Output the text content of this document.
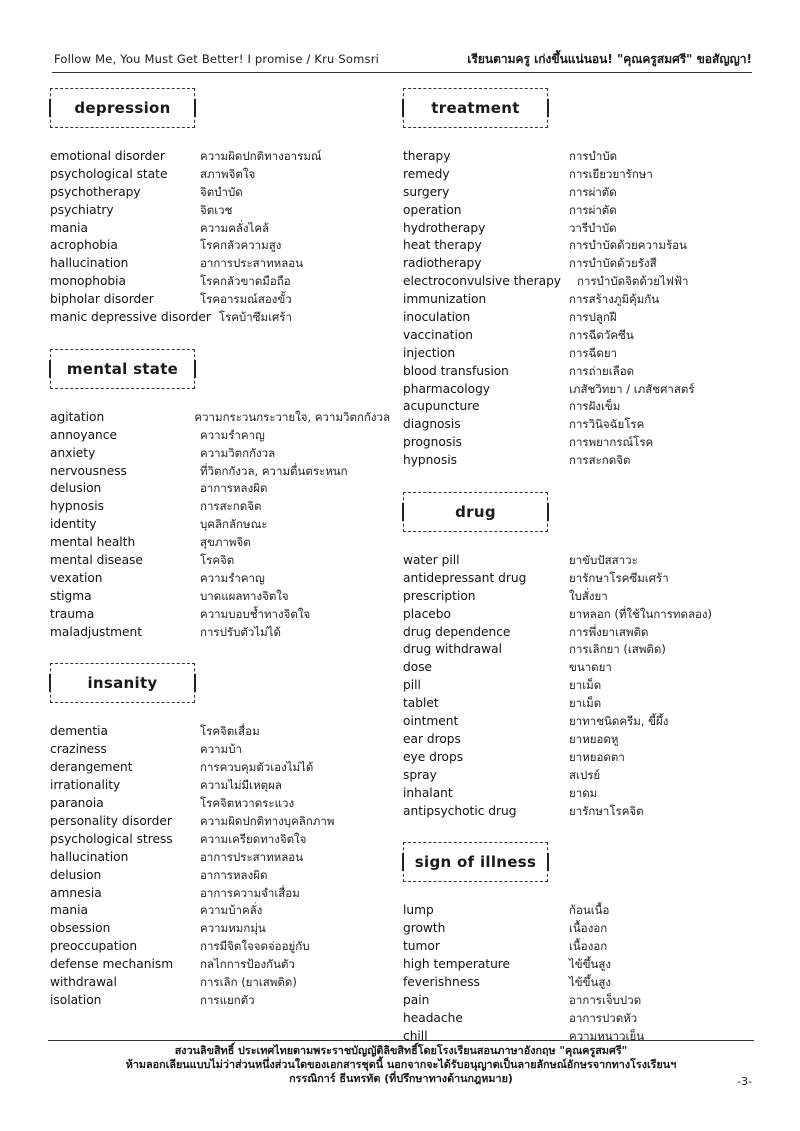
Follow Me, You Must Get Better! I promise / Kru Somsri	เรียนตามครู เก่งขึ้นแน่นอน! "คุณครูสมศรี" ขอสัญญา!
depression
emotional disorder	ความผิดปกติทางอารมณ์
psychological state	สภาพจิตใจ
psychotherapy	จิตบำบัด
psychiatry	จิตเวช
mania	ความคลั่งไคล้
acrophobia	โรคกลัวความสูง
hallucination	อาการประสาทหลอน
monophobia	โรคกลัวขาดมือถือ
bipholar disorder	โรคอารมณ์สองขั้ว
manic depressive disorder โรคบ้าซึมเศร้า
mental state
agitation	ความกระวนกระวายใจ, ความวิตกกังวล
annoyance	ความรำคาญ
anxiety	ความวิตกกังวล
nervousness	ที่วิตกกังวล, ความตื่นตระหนก
delusion	อาการหลงผิด
hypnosis	การสะกดจิต
identity	บุคลิกลักษณะ
mental health	สุขภาพจิต
mental disease	โรคจิต
vexation	ความรำคาญ
stigma	บาดแผลทางจิตใจ
trauma	ความบอบช้ำทางจิตใจ
maladjustment	การปรับตัวไม่ได้
insanity
dementia	โรคจิตเสื่อม
craziness	ความบ้า
derangement	การควบคุมตัวเองไม่ได้
irrationality	ความไม่มีเหตุผล
paranoia	โรคจิตหวาดระแวง
personality disorder	ความผิดปกติทางบุคลิกภาพ
psychological stress	ความเครียดทางจิตใจ
hallucination	อาการประสาทหลอน
delusion	อาการหลงผิด
amnesia	อาการความจำเสื่อม
mania	ความบ้าคลั่ง
obsession	ความหมกมุ่น
preoccupation	การมีจิตใจจดจ่ออยู่กับ
defense mechanism	กลไกการป้องกันตัว
withdrawal	การเลิก (ยาเสพติด)
isolation	การแยกตัว
treatment
therapy	การบำบัด
remedy	การเยียวยารักษา
surgery	การผ่าตัด
operation	การผ่าตัด
hydrotherapy	วารีบำบัด
heat therapy	การบำบัดด้วยความร้อน
radiotherapy	การบำบัดด้วยรังสี
electroconvulsive therapy	การบำบัดจิตด้วยไฟฟ้า
immunization	การสร้างภูมิคุ้มกัน
inoculation	การปลูกฝี
vaccination	การฉีดวัคซีน
injection	การฉีดยา
blood transfusion	การถ่ายเลือด
pharmacology	เภสัชวิทยา / เภสัชศาสตร์
acupuncture	การฝังเข็ม
diagnosis	การวินิจฉัยโรค
prognosis	การพยากรณ์โรค
hypnosis	การสะกดจิต
drug
water pill	ยาขับปัสสาวะ
antidepressant drug	ยารักษาโรคซึมเศร้า
prescription	ใบสั่งยา
placebo	ยาหลอก (ที่ใช้ในการทดลอง)
drug dependence	การพึ่งยาเสพติด
drug withdrawal	การเลิกยา (เสพติด)
dose	ขนาดยา
pill	ยาเม็ด
tablet	ยาเม็ด
ointment	ยาทาชนิดครีม, ขี้ผึ้ง
ear drops	ยาหยอดหู
eye drops	ยาหยอดตา
spray	สเปรย์
inhalant	ยาดม
antipsychotic drug	ยารักษาโรคจิต
sign of illness
lump	ก้อนเนื้อ
growth	เนื้องอก
tumor	เนื้องอก
high temperature	ไข้ขึ้นสูง
feverishness	ไข้ขึ้นสูง
pain	อาการเจ็บปวด
headache	อาการปวดหัว
chill	ความหนาวเย็น
สงวนลิขสิทธิ์ ประเทศไทยตามพระราชบัญญัติลิขสิทธิ์โดยโรงเรียนสอนภาษาอังกฤษ "คุณครูสมศรี"
ห้ามลอกเลียนแบบไม่ว่าส่วนหนึ่งส่วนใดของเอกสารชุดนี้ นอกจากจะได้รับอนุญาตเป็นลายลักษณ์อักษรจากทางโรงเรียนฯ
กรรณิการ์ ธีนทรทัต (ที่ปรึกษาทางด้านกฎหมาย)	-3-
